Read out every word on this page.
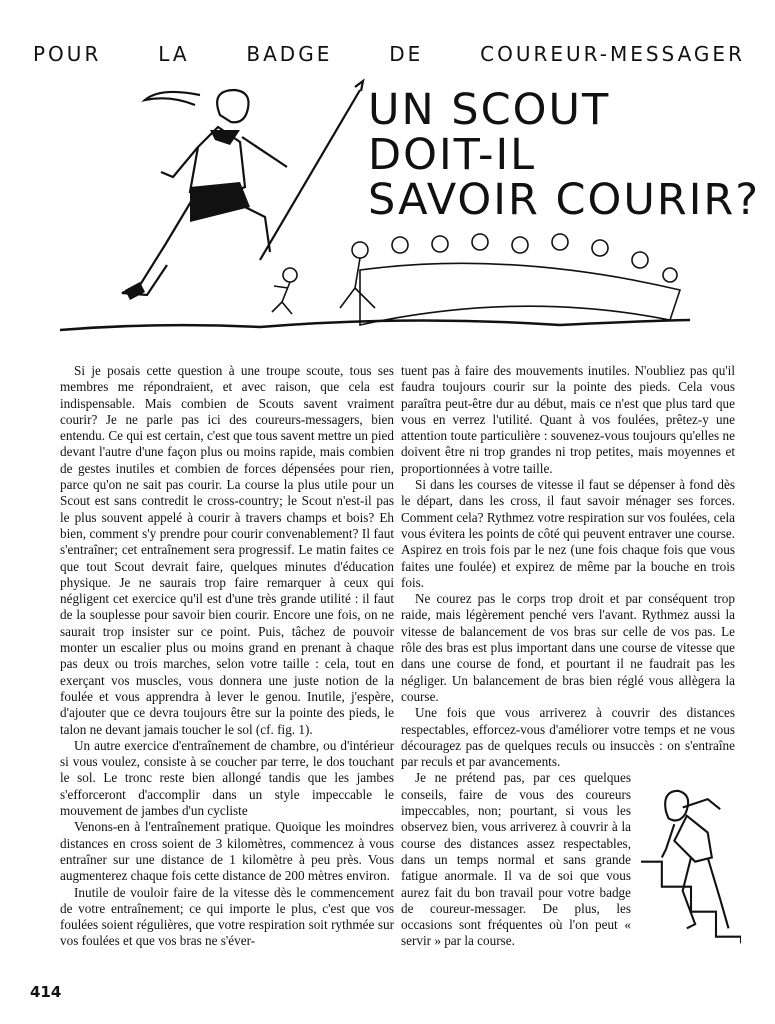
POUR	LA	BADGE	DE	COUREUR-MESSAGER
UN SCOUT
DOIT-IL
SAVOIR COURIR?

Si je posais cette question à une troupe scoute, tous ses membres me répondraient, et avec raison, que cela est indispensable. Mais combien de Scouts savent vraiment courir? Je ne parle pas ici des coureurs-messagers, bien entendu. Ce qui est certain, c'est que tous savent mettre un pied devant l'autre d'une façon plus ou moins rapide, mais combien de gestes inutiles et combien de forces dépensées pour rien, parce qu'on ne sait pas courir. La course la plus utile pour un Scout est sans contredit le cross-country; le Scout n'est-il pas le plus souvent appelé à courir à travers champs et bois? Eh bien, comment s'y prendre pour courir convenablement? Il faut s'entraîner; cet entraînement sera progressif. Le matin faites ce que tout Scout devrait faire, quelques minutes d'éducation physique. Je ne saurais trop faire remarquer à ceux qui négligent cet exercice qu'il est d'une très grande utilité : il faut de la souplesse pour savoir bien courir. Encore une fois, on ne saurait trop insister sur ce point. Puis, tâchez de pouvoir monter un escalier plus ou moins grand en prenant à chaque pas deux ou trois marches, selon votre taille : cela, tout en exerçant vos muscles, vous donnera une juste notion de la foulée et vous apprendra à lever le genou. Inutile, j'espère, d'ajouter que ce devra toujours être sur la pointe des pieds, le talon ne devant jamais toucher le sol (cf. fig. 1).

Un autre exercice d'entraînement de chambre, ou d'intérieur si vous voulez, consiste à se coucher par terre, le dos touchant le sol. Le tronc reste bien allongé tandis que les jambes s'efforceront d'accomplir dans un style impeccable le mouvement de jambes d'un cycliste

Venons-en à l'entraînement pratique. Quoique les moindres distances en cross soient de 3 kilomètres, commencez à vous entraîner sur une distance de 1 kilomètre à peu près. Vous augmenterez chaque fois cette distance de 200 mètres environ.

Inutile de vouloir faire de la vitesse dès le commencement de votre entraînement; ce qui importe le plus, c'est que vos foulées soient régulières, que votre respiration soit rythmée sur vos foulées et que vos bras ne s'éver-

tuent pas à faire des mouvements inutiles. N'oubliez pas qu'il faudra toujours courir sur la pointe des pieds. Cela vous paraîtra peut-être dur au début, mais ce n'est que plus tard que vous en verrez l'utilité. Quant à vos foulées, prêtez-y une attention toute particulière : souvenez-vous toujours qu'elles ne doivent être ni trop grandes ni trop petites, mais moyennes et proportionnées à votre taille.

Si dans les courses de vitesse il faut se dépenser à fond dès le départ, dans les cross, il faut savoir ménager ses forces. Comment cela? Rythmez votre respiration sur vos foulées, cela vous évitera les points de côté qui peuvent entraver une course. Aspirez en trois fois par le nez (une fois chaque fois que vous faites une foulée) et expirez de même par la bouche en trois fois.

Ne courez pas le corps trop droit et par conséquent trop raide, mais légèrement penché vers l'avant. Rythmez aussi la vitesse de balancement de vos bras sur celle de vos pas. Le rôle des bras est plus important dans une course de vitesse que dans une course de fond, et pourtant il ne faudrait pas les négliger. Un balancement de bras bien réglé vous allègera la course.

Une fois que vous arriverez à couvrir des distances respectables, efforcez-vous d'améliorer votre temps et ne vous découragez pas de quelques reculs ou insuccès : on s'entraîne par reculs et par avancements.

Je ne prétend pas, par ces quelques conseils, faire de vous des coureurs impeccables, non; pourtant, si vous les observez bien, vous arriverez à couvrir à la course des distances assez respectables, dans un temps normal et sans grande fatigue anormale. Il va de soi que vous aurez fait du bon travail pour votre badge de coureur-messager. De plus, les occasions sont fréquentes où l'on peut « servir » par la course.

414
